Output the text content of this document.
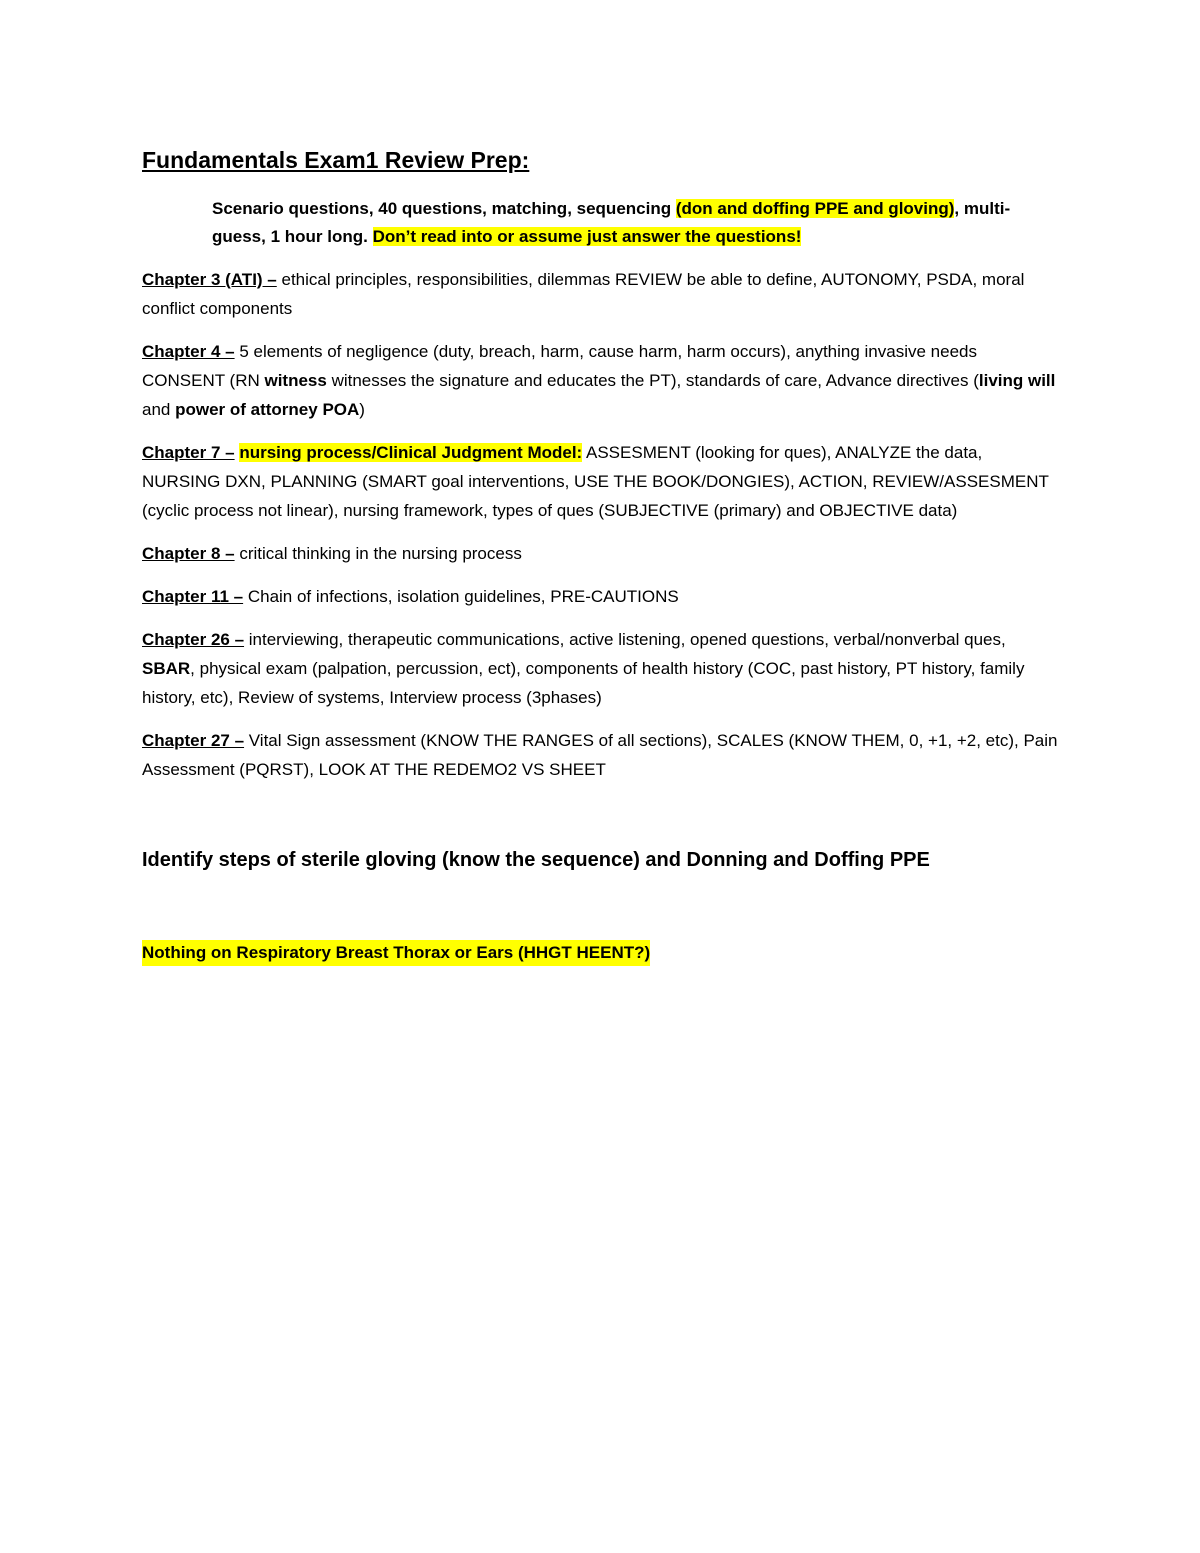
Fundamentals Exam1 Review Prep:
Scenario questions, 40 questions, matching, sequencing (don and doffing PPE and gloving), multi-guess, 1 hour long. Don’t read into or assume just answer the questions!

Chapter 3 (ATI) – ethical principles, responsibilities, dilemmas REVIEW be able to define, AUTONOMY, PSDA, moral conflict components

Chapter 4 – 5 elements of negligence (duty, breach, harm, cause harm, harm occurs), anything invasive needs CONSENT (RN witness witnesses the signature and educates the PT), standards of care, Advance directives (living will and power of attorney POA)

Chapter 7 – nursing process/Clinical Judgment Model: ASSESMENT (looking for ques), ANALYZE the data, NURSING DXN, PLANNING (SMART goal interventions, USE THE BOOK/DONGIES), ACTION, REVIEW/ASSESMENT (cyclic process not linear), nursing framework, types of ques (SUBJECTIVE (primary) and OBJECTIVE data)

Chapter 8 – critical thinking in the nursing process

Chapter 11 – Chain of infections, isolation guidelines, PRE-CAUTIONS

Chapter 26 – interviewing, therapeutic communications, active listening, opened questions, verbal/nonverbal ques, SBAR, physical exam (palpation, percussion, ect), components of health history (COC, past history, PT history, family history, etc), Review of systems, Interview process (3phases)

Chapter 27 – Vital Sign assessment (KNOW THE RANGES of all sections), SCALES (KNOW THEM, 0, +1, +2, etc), Pain Assessment (PQRST), LOOK AT THE REDEMO2 VS SHEET

Identify steps of sterile gloving (know the sequence) and Donning and Doffing PPE
Nothing on Respiratory Breast Thorax or Ears (HHGT HEENT?)
